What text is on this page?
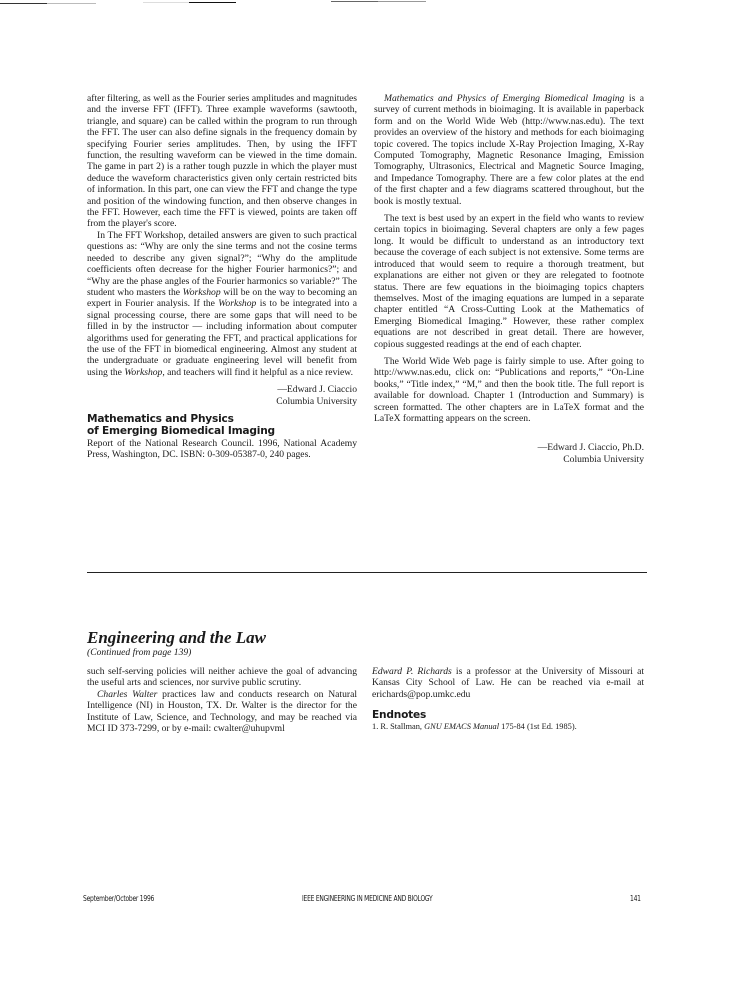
after filtering, as well as the Fourier series amplitudes and magnitudes and the inverse FFT (IFFT). Three example waveforms (sawtooth, triangle, and square) can be called within the program to run through the FFT. The user can also define signals in the frequency domain by specifying Fourier series amplitudes. Then, by using the IFFT function, the resulting waveform can be viewed in the time domain. The game in part 2) is a rather tough puzzle in which the player must deduce the waveform characteristics given only certain restricted bits of information. In this part, one can view the FFT and change the type and position of the windowing function, and then observe changes in the FFT. However, each time the FFT is viewed, points are taken off from the player's score.

In The FFT Workshop, detailed answers are given to such practical questions as: “Why are only the sine terms and not the cosine terms needed to describe any given signal?”; “Why do the amplitude coefficients often decrease for the higher Fourier harmonics?”; and “Why are the phase angles of the Fourier harmonics so variable?” The student who masters the Workshop will be on the way to becoming an expert in Fourier analysis. If the Workshop is to be integrated into a signal processing course, there are some gaps that will need to be filled in by the instructor — including information about computer algorithms used for generating the FFT, and practical applications for the use of the FFT in biomedical engineering. Almost any student at the undergraduate or graduate engineering level will benefit from using the Workshop, and teachers will find it helpful as a nice review.

—Edward J. Ciaccio

Columbia University

Mathematics and Physics

of Emerging Biomedical Imaging

Report of the National Research Council. 1996, National Academy Press, Washington, DC. ISBN: 0-309-05387-0, 240 pages.

Mathematics and Physics of Emerging Biomedical Imaging is a survey of current methods in bioimaging. It is available in paperback form and on the World Wide Web (http://www.nas.edu). The text provides an overview of the history and methods for each bioimaging topic covered. The topics include X-Ray Projection Imaging, X-Ray Computed Tomography, Magnetic Resonance Imaging, Emission Tomography, Ultrasonics, Electrical and Magnetic Source Imaging, and Impedance Tomography. There are a few color plates at the end of the first chapter and a few diagrams scattered throughout, but the book is mostly textual.

The text is best used by an expert in the field who wants to review certain topics in bioimaging. Several chapters are only a few pages long. It would be difficult to understand as an introductory text because the coverage of each subject is not extensive. Some terms are introduced that would seem to require a thorough treatment, but explanations are either not given or they are relegated to footnote status. There are few equations in the bioimaging topics chapters themselves. Most of the imaging equations are lumped in a separate chapter entitled “A Cross-Cutting Look at the Mathematics of Emerging Biomedical Imaging.” However, these rather complex equations are not described in great detail. There are however, copious suggested readings at the end of each chapter.

The World Wide Web page is fairly simple to use. After going to http://www.nas.edu, click on: “Publications and reports,” “On-Line books,” “Title index,” “M,” and then the book title. The full report is available for download. Chapter 1 (Introduction and Summary) is screen formatted. The other chapters are in LaTeX format and the LaTeX formatting appears on the screen.

—Edward J. Ciaccio, Ph.D.

Columbia University

Engineering and the Law
(Continued from page 139)

such self-serving policies will neither achieve the goal of advancing the useful arts and sciences, nor survive public scrutiny.

Charles Walter practices law and conducts research on Natural Intelligence (NI) in Houston, TX. Dr. Walter is the director for the Institute of Law, Science, and Technology, and may be reached via MCI ID 373-7299, or by e-mail: cwalter@uhupvml

Edward P. Richards is a professor at the University of Missouri at Kansas City School of Law. He can be reached via e-mail at erichards@pop.umkc.edu

Endnotes

1. R. Stallman, GNU EMACS Manual 175-84 (1st Ed. 1985).

September/October 1996	IEEE ENGINEERING IN MEDICINE AND BIOLOGY	141
